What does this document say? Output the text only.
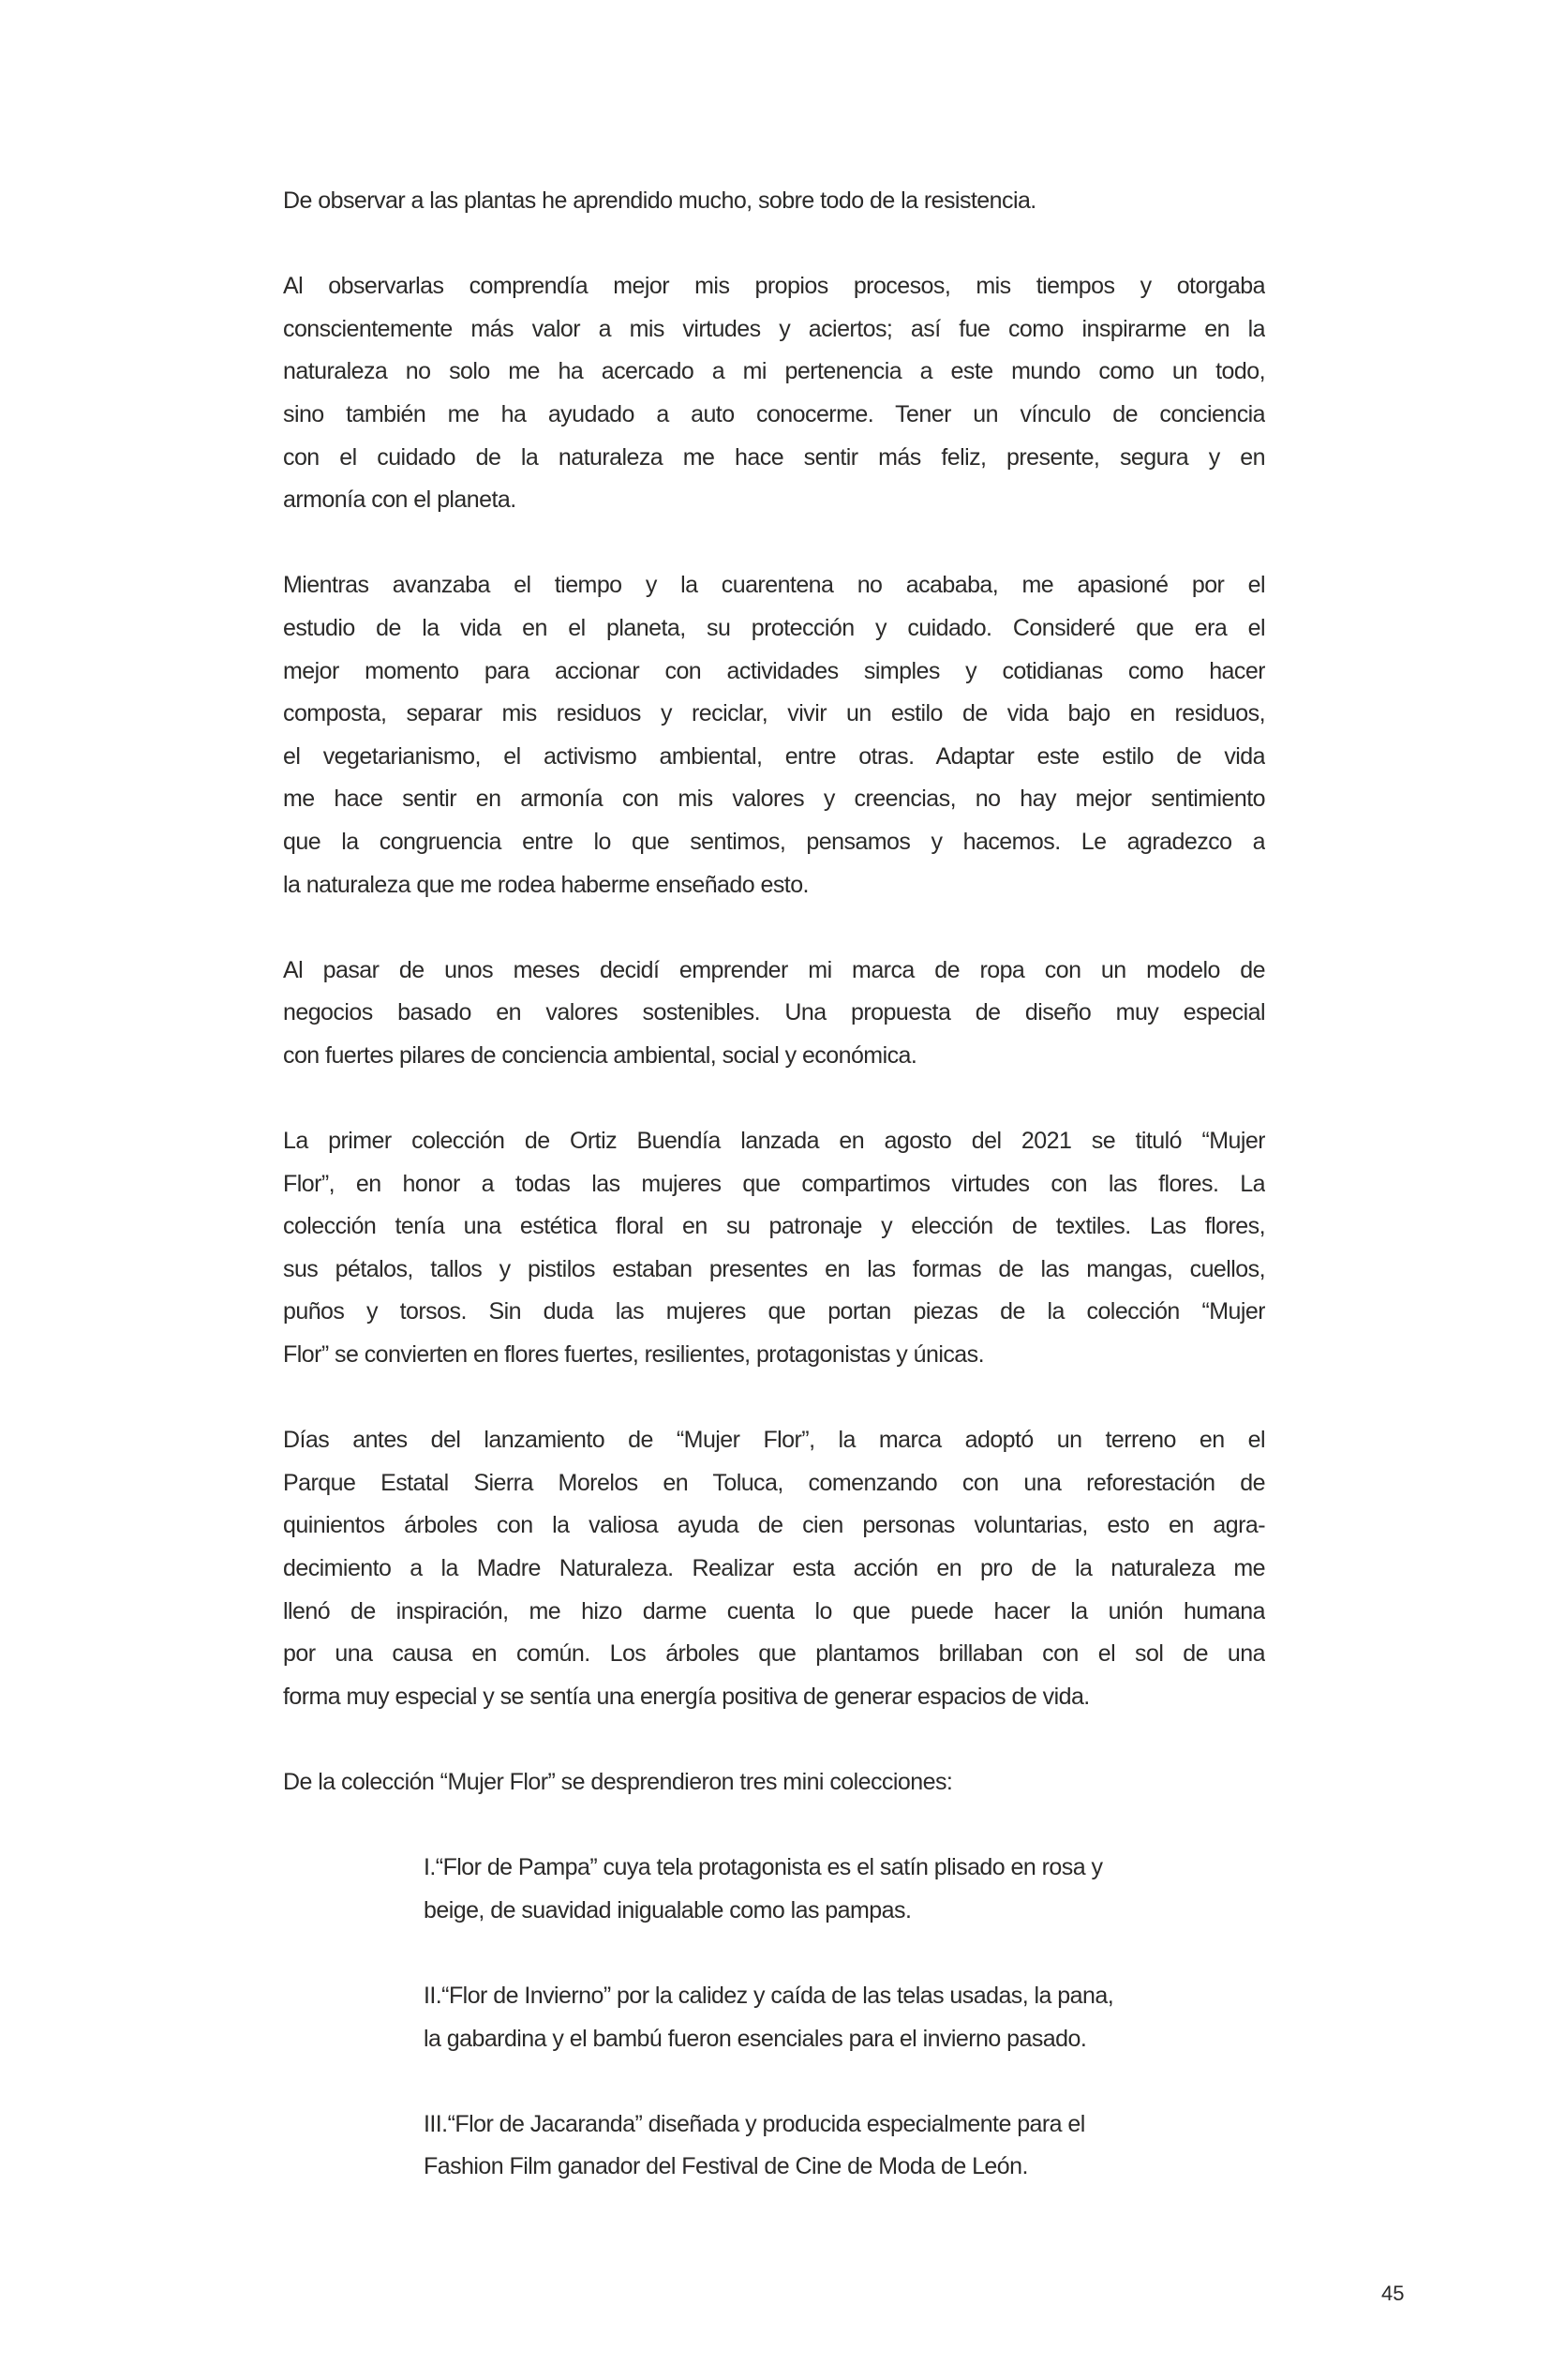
De observar a las plantas he aprendido mucho, sobre todo de la resistencia.

Al observarlas comprendía mejor mis propios procesos, mis tiempos y otorgaba
conscientemente más valor a mis virtudes y aciertos; así fue como inspirarme en la
naturaleza no solo me ha acercado a mi pertenencia a este mundo como un todo,
sino también me ha ayudado a auto conocerme. Tener un vínculo de conciencia
con el cuidado de la naturaleza me hace sentir más feliz, presente, segura y en
armonía con el planeta.

Mientras avanzaba el tiempo y la cuarentena no acababa, me apasioné por el
estudio de la vida en el planeta, su protección y cuidado. Consideré que era el
mejor momento para accionar con actividades simples y cotidianas como hacer
composta, separar mis residuos y reciclar, vivir un estilo de vida bajo en residuos,
el vegetarianismo, el activismo ambiental, entre otras. Adaptar este estilo de vida
me hace sentir en armonía con mis valores y creencias, no hay mejor sentimiento
que la congruencia entre lo que sentimos, pensamos y hacemos. Le agradezco a
la naturaleza que me rodea haberme enseñado esto.

Al pasar de unos meses decidí emprender mi marca de ropa con un modelo de
negocios basado en valores sostenibles. Una propuesta de diseño muy especial
con fuertes pilares de conciencia ambiental, social y económica.

La primer colección de Ortiz Buendía lanzada en agosto del 2021 se tituló “Mujer
Flor”, en honor a todas las mujeres que compartimos virtudes con las flores. La
colección tenía una estética floral en su patronaje y elección de textiles. Las flores,
sus pétalos, tallos y pistilos estaban presentes en las formas de las mangas, cuellos,
puños y torsos. Sin duda las mujeres que portan piezas de la colección “Mujer
Flor” se convierten en flores fuertes, resilientes, protagonistas y únicas.

Días antes del lanzamiento de “Mujer Flor”, la marca adoptó un terreno en el
Parque Estatal Sierra Morelos en Toluca, comenzando con una reforestación de
quinientos árboles con la valiosa ayuda de cien personas voluntarias, esto en agra-
decimiento a la Madre Naturaleza. Realizar esta acción en pro de la naturaleza me
llenó de inspiración, me hizo darme cuenta lo que puede hacer la unión humana
por una causa en común. Los árboles que plantamos brillaban con el sol de una
forma muy especial y se sentía una energía positiva de generar espacios de vida.

De la colección “Mujer Flor” se desprendieron tres mini colecciones:

I.“Flor de Pampa” cuya tela protagonista es el satín plisado en rosa y
beige, de suavidad inigualable como las pampas.
II.“Flor de Invierno” por la calidez y caída de las telas usadas, la pana,
la gabardina y el bambú fueron esenciales para el invierno pasado.
III.“Flor de Jacaranda” diseñada y producida especialmente para el
Fashion Film ganador del Festival de Cine de Moda de León.
45
